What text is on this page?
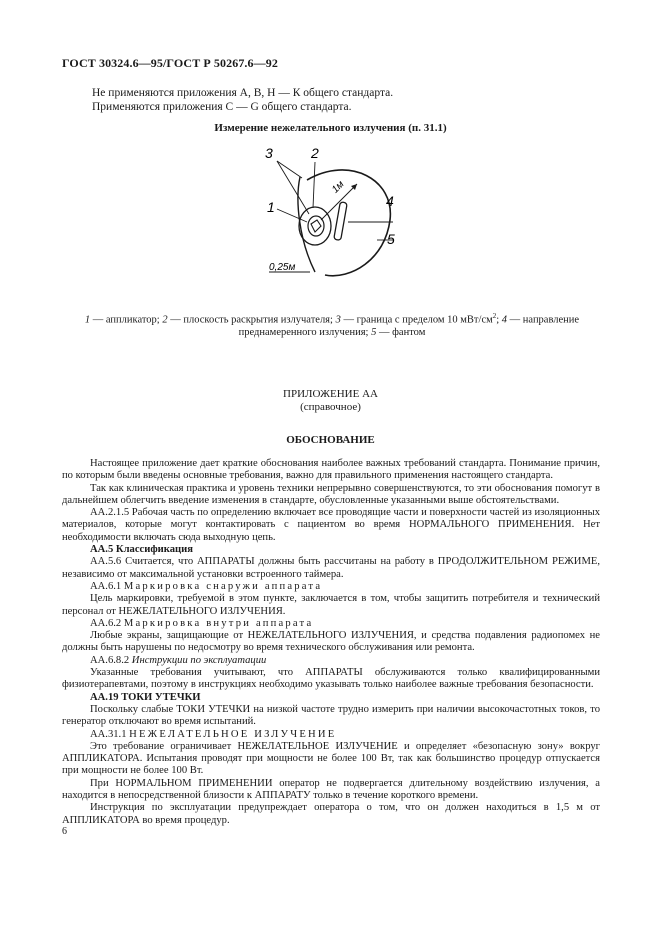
ГОСТ 30324.6—95/ГОСТ Р 50267.6—92
Не применяются приложения А, В, Н — К общего стандарта.
Применяются приложения С — G общего стандарта.
Измерение нежелательного излучения (п. 31.1)
3	2
1	4
5
1м
0,25м
1 — аппликатор; 2 — плоскость раскрытия излучателя; 3 — граница с пределом 10 мВт/$см^2$; 4 — направление преднамеренного излучения; 5 — фантом
ПРИЛОЖЕНИЕ АА
(справочное)
ОБОСНОВАНИЕ

Настоящее приложение дает краткие обоснования наиболее важных требований стандарта. Понимание причин, по которым были введены основные требования, важно для правильного применения настоящего стандарта.

Так как клиническая практика и уровень техники непрерывно совершенствуются, то эти обоснования помогут в дальнейшем облегчить введение изменения в стандарте, обусловленные указанными выше обстоятельствами.

АА.2.1.5 Рабочая часть по определению включает все проводящие части и поверхности частей из изоляционных материалов, которые могут контактировать с пациентом во время НОРМАЛЬНОГО ПРИМЕНЕНИЯ. Нет необходимости включать сюда выходную цепь.

АА.5 Классификация

АА.5.6 Считается, что АППАРАТЫ должны быть рассчитаны на работу в ПРОДОЛЖИТЕЛЬНОМ РЕЖИМЕ, независимо от максимальной установки встроенного таймера.

АА.6.1 Маркировка снаружи аппарата

Цель маркировки, требуемой в этом пункте, заключается в том, чтобы защитить потребителя и технический персонал от НЕЖЕЛАТЕЛЬНОГО ИЗЛУЧЕНИЯ.

АА.6.2 Маркировка внутри аппарата

Любые экраны, защищающие от НЕЖЕЛАТЕЛЬНОГО ИЗЛУЧЕНИЯ, и средства подавления радиопомех не должны быть нарушены по недосмотру во время технического обслуживания или ремонта.

АА.6.8.2 Инструкции по эксплуатации

Указанные требования учитывают, что АППАРАТЫ обслуживаются только квалифицированными физиотерапевтами, поэтому в инструкциях необходимо указывать только наиболее важные требования безопасности.

АА.19 ТОКИ УТЕЧКИ

Поскольку слабые ТОКИ УТЕЧКИ на низкой частоте трудно измерить при наличии высокочастотных токов, то генератор отключают во время испытаний.

АА.31.1 НЕЖЕЛАТЕЛЬНОЕ ИЗЛУЧЕНИЕ

Это требование ограничивает НЕЖЕЛАТЕЛЬНОЕ ИЗЛУЧЕНИЕ и определяет «безопасную зону» вокруг АППЛИКАТОРА. Испытания проводят при мощности не более 100 Вт, так как большинство процедур отпускается при мощности не более 100 Вт.

При НОРМАЛЬНОМ ПРИМЕНЕНИИ оператор не подвергается длительному воздействию излучения, а находится в непосредственной близости к АППАРАТУ только в течение короткого времени.

Инструкция по эксплуатации предупреждает оператора о том, что он должен находиться в 1,5 м от АППЛИКАТОРА во время процедур.

6
